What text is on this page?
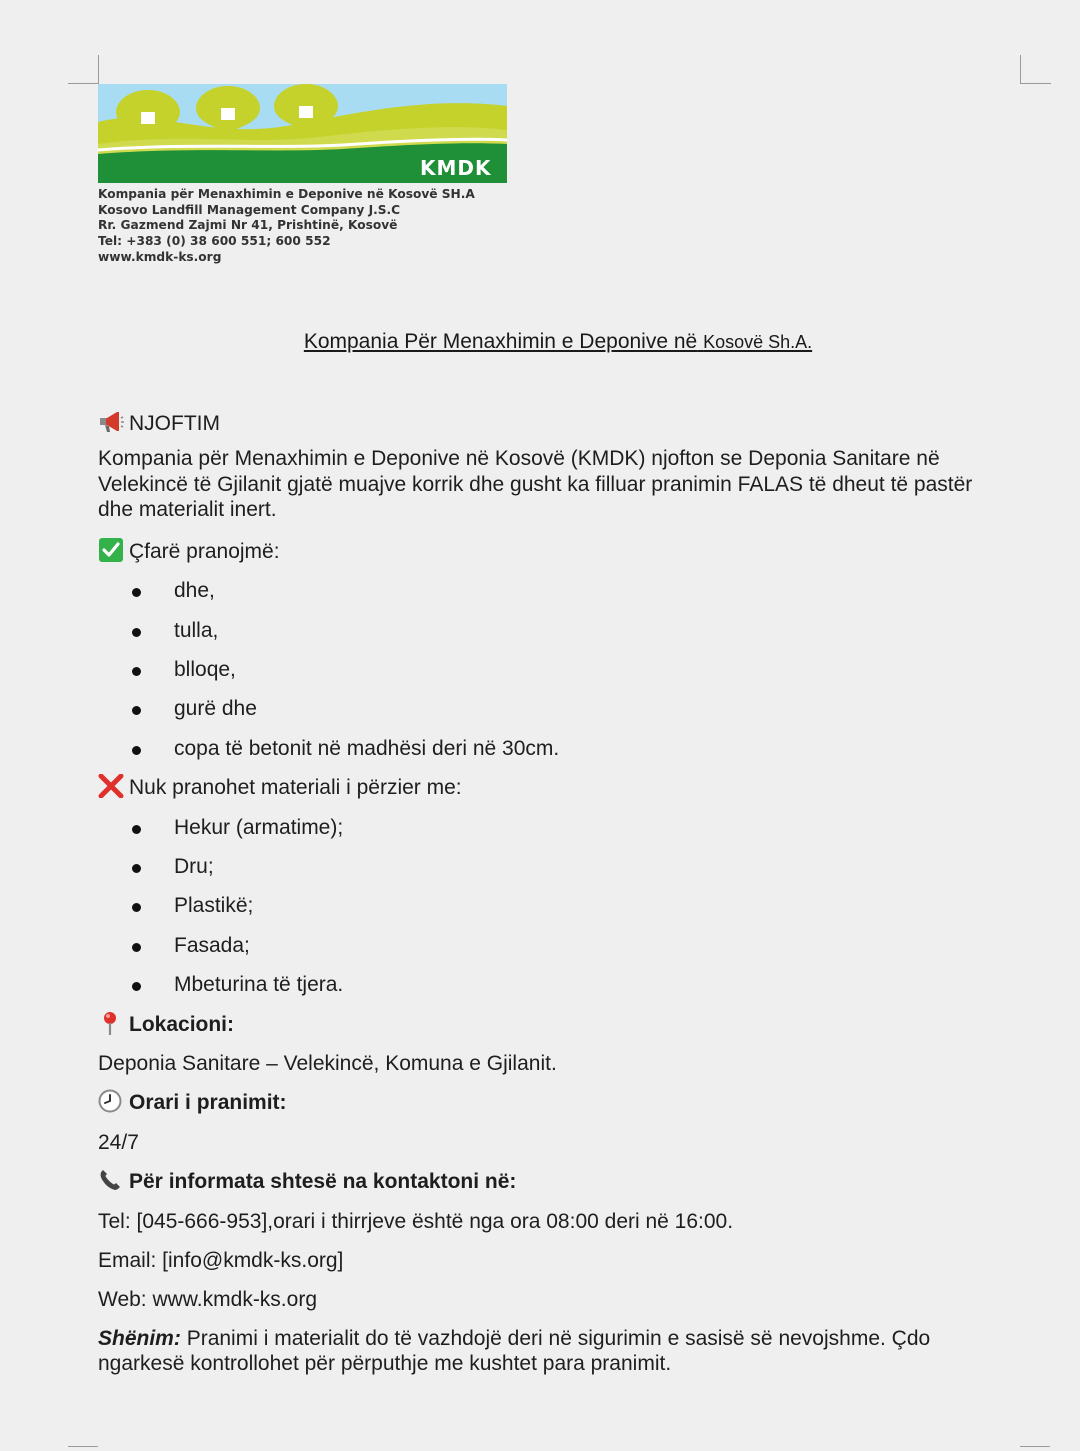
KMDK
Kompania për Menaxhimin e Deponive në Kosovë SH.A
Kosovo Landfill Management Company J.S.C
Rr. Gazmend Zajmi Nr 41, Prishtinë, Kosovë
Tel: +383 (0) 38 600 551; 600 552
www.kmdk-ks.org
Kompania Për Menaxhimin e Deponive në Kosovë Sh.A.
NJOFTIM
Kompania për Menaxhimin e Deponive në Kosovë (KMDK) njofton se Deponia Sanitare në Velekincë të Gjilanit gjatë muajve korrik dhe gusht ka filluar pranimin FALAS të dheut të pastër dhe materialit inert.
Çfarë pranojmë:
dhe,
tulla,
blloqe,
gurë dhe
copa të betonit në madhësi deri në 30cm.
Nuk pranohet materiali i përzier me:
Hekur (armatime);
Dru;
Plastikë;
Fasada;
Mbeturina të tjera.
Lokacioni:
Deponia Sanitare – Velekincë, Komuna e Gjilanit.
Orari i pranimit:
24/7
Për informata shtesë na kontaktoni në:
Tel: [045-666-953],orari i thirrjeve është nga ora 08:00 deri në 16:00.
Email: [info@kmdk-ks.org]
Web: www.kmdk-ks.org
Shënim: Pranimi i materialit do të vazhdojë deri në sigurimin e sasisë së nevojshme. Çdo ngarkesë kontrollohet për përputhje me kushtet para pranimit.
